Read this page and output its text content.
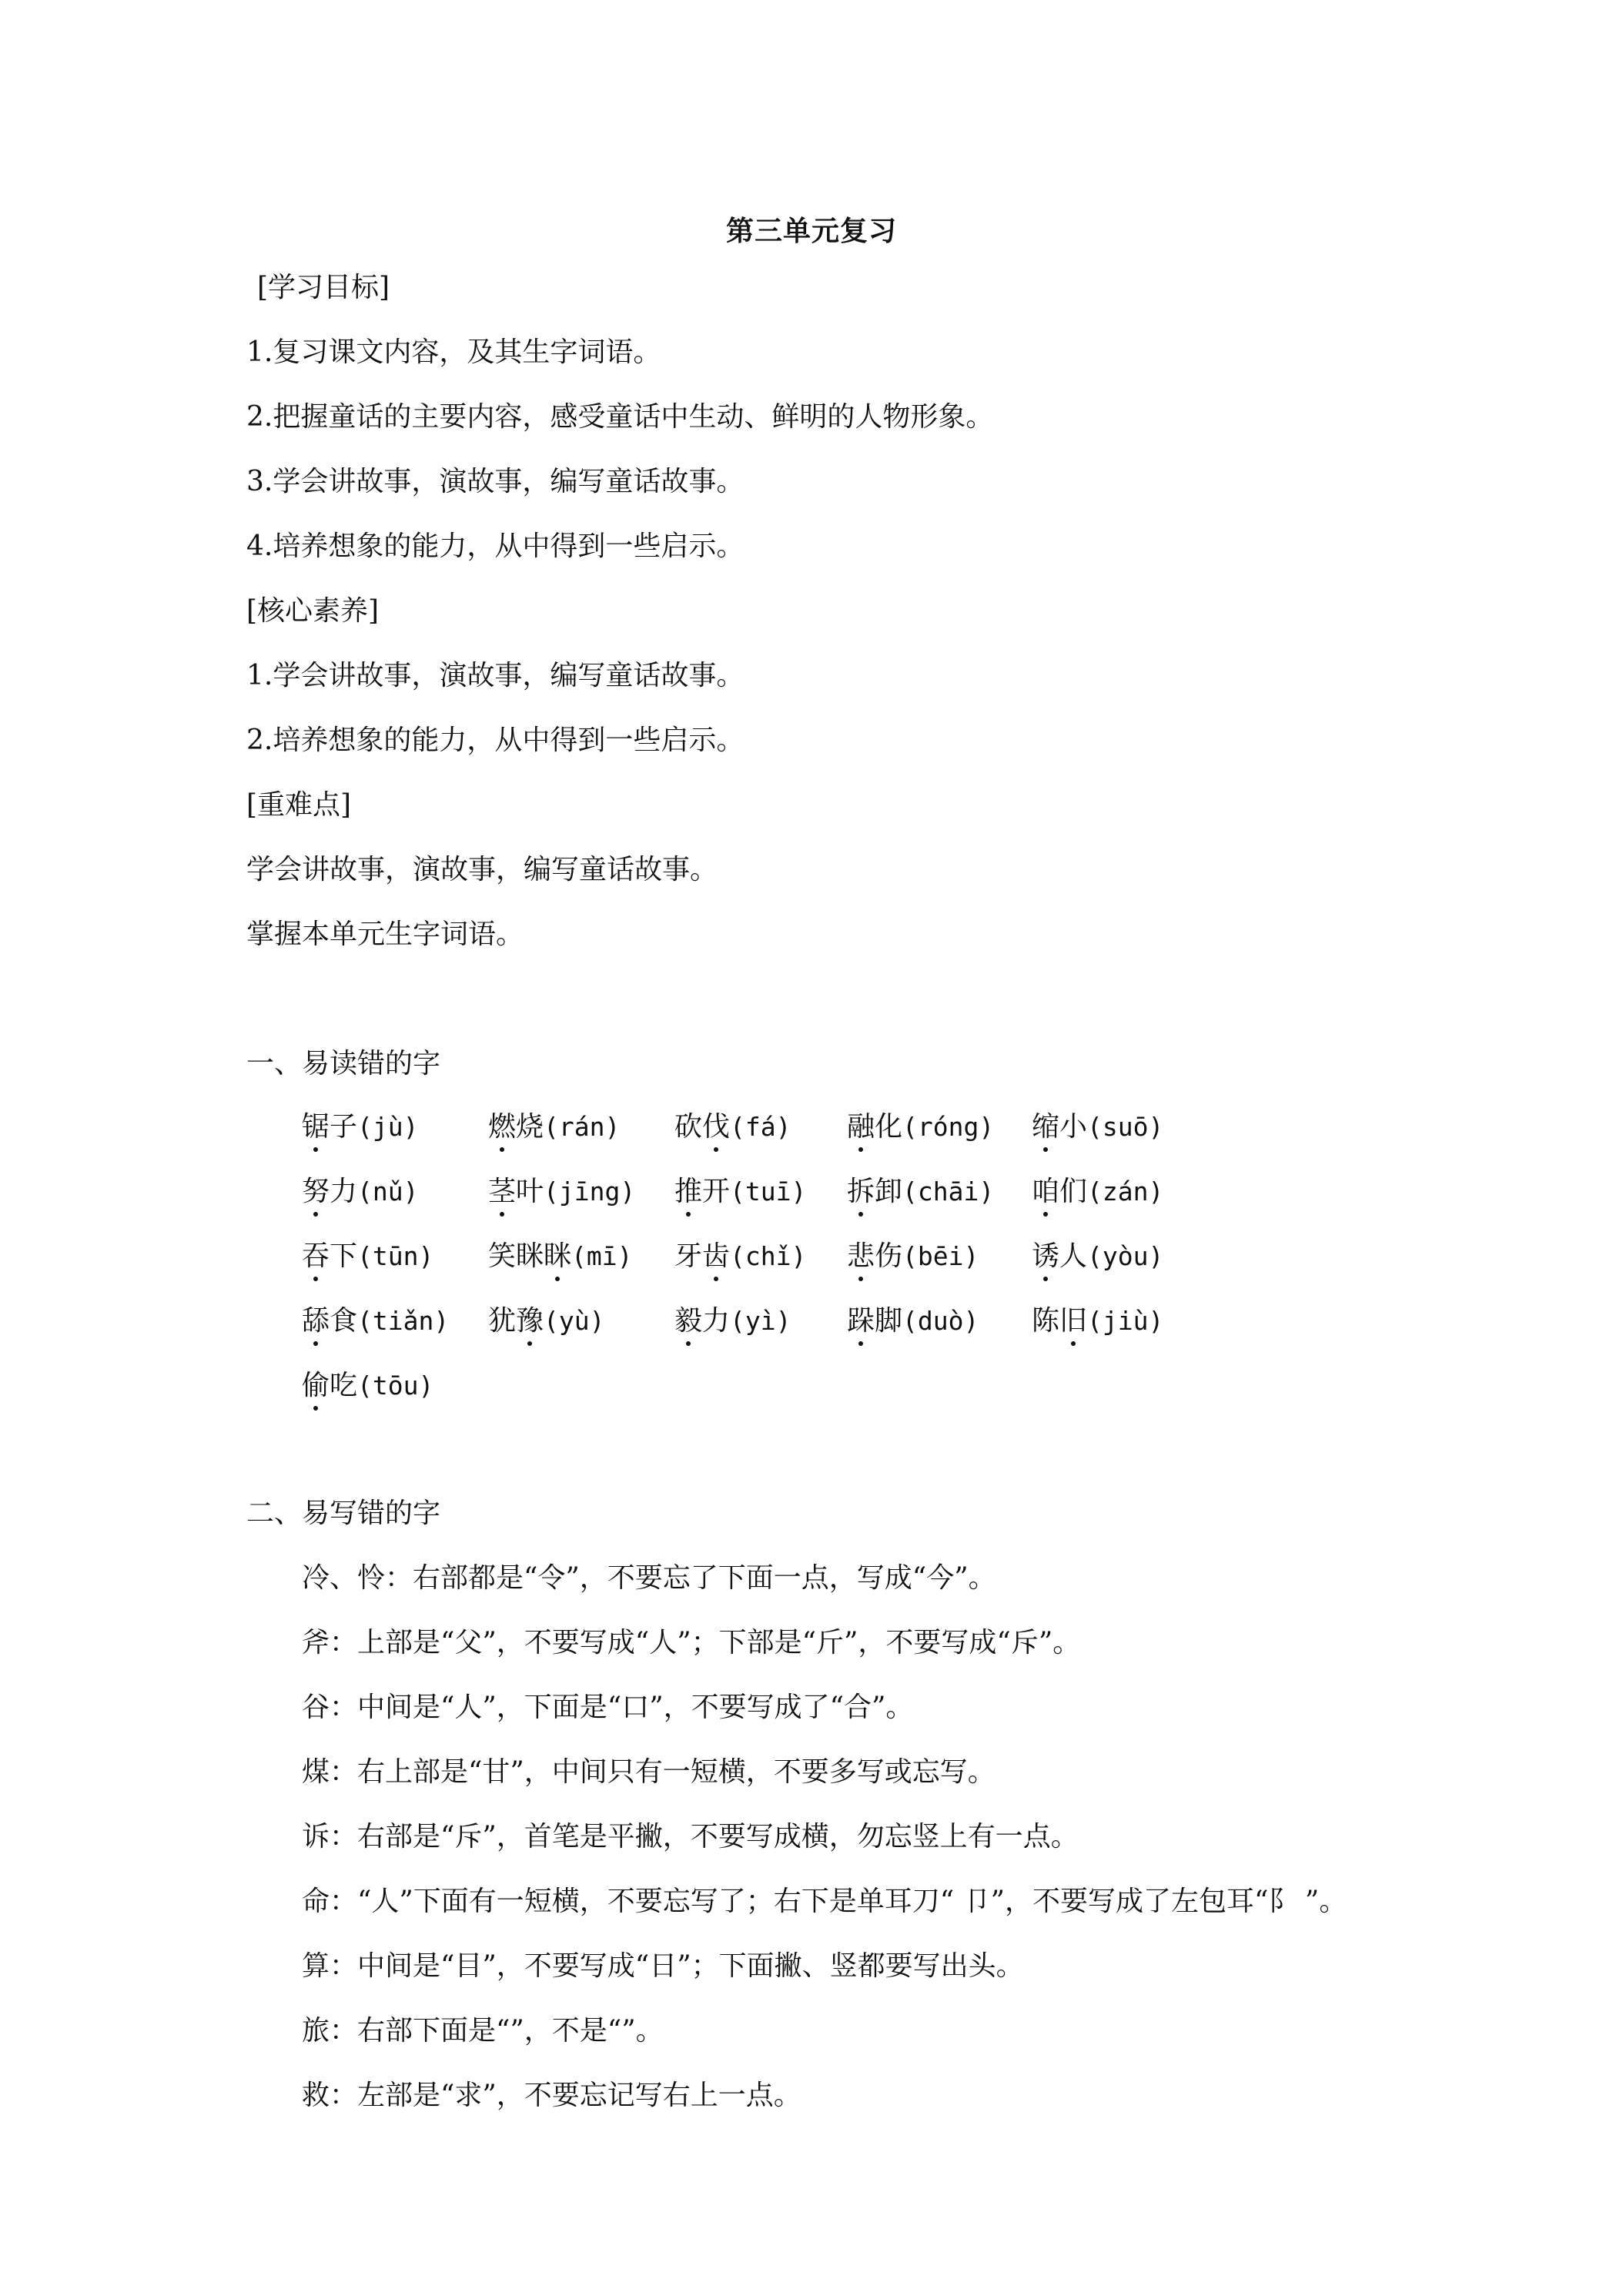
第三单元复习
[学习目标]
1.复习课文内容，及其生字词语。
2.把握童话的主要内容，感受童话中生动、鲜明的人物形象。
3.学会讲故事，演故事，编写童话故事。
4.培养想象的能力，从中得到一些启示。
[核心素养]
1.学会讲故事，演故事，编写童话故事。
2.培养想象的能力，从中得到一些启示。
[重难点]
学会讲故事，演故事，编写童话故事。
掌握本单元生字词语。
一、易读错的字
锯子(jù)	燃烧(rán) 砍伐(fá) 融化(róng) 缩小(suō)
努力(nǔ)	茎叶(jīng) 推开(tuī) 拆卸(chāi) 咱们(zán)
吞下(tūn) 笑眯眯(mī) 牙齿(chǐ) 悲伤(bēi) 诱人(yòu)
舔食(tiǎn) 犹豫(yù)	毅力(yì) 跺脚(duò) 陈旧(jiù)
偷吃(tōu)
二、易写错的字
冷、怜：右部都是“令”，不要忘了下面一点，写成“今”。
斧：上部是“父”，不要写成“人”；下部是“斤”，不要写成“斥”。
谷：中间是“人”，下面是“口”，不要写成了“合”。
煤：右上部是“甘”，中间只有一短横，不要多写或忘写。
诉：右部是“斥”，首笔是平撇，不要写成横，勿忘竖上有一点。
命：“人”下面有一短横，不要忘写了；右下是单耳刀“ 卩”，不要写成了左包耳“阝 ”。
算：中间是“目”，不要写成“日”；下面撇、竖都要写出头。
旅：右部下面是“”，不是“”。
救：左部是“求”，不要忘记写右上一点。
